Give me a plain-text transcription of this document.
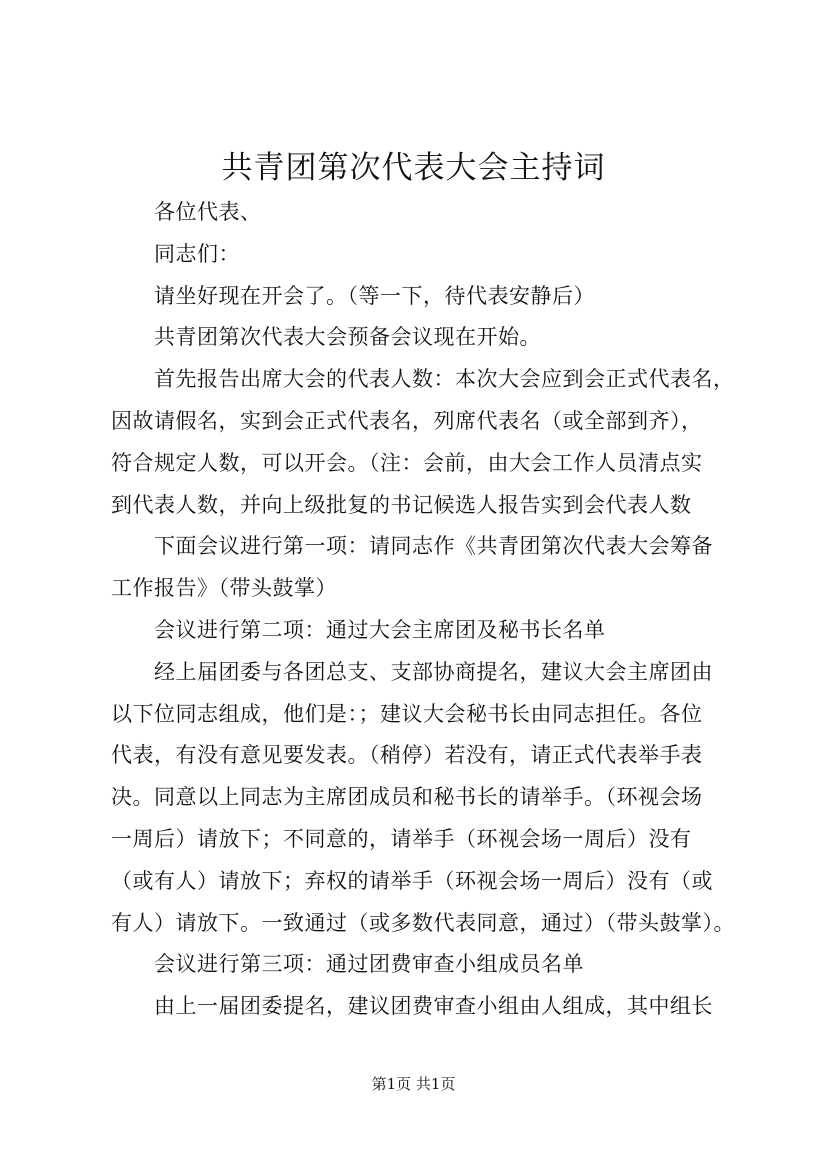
共青团第次代表大会主持词

各位代表、

同志们：

请坐好现在开会了。（等一下，待代表安静后）

共青团第次代表大会预备会议现在开始。

首先报告出席大会的代表人数：本次大会应到会正式代表名，

因故请假名，实到会正式代表名，列席代表名（或全部到齐），

符合规定人数，可以开会。（注：会前，由大会工作人员清点实

到代表人数，并向上级批复的书记候选人报告实到会代表人数

下面会议进行第一项：请同志作《共青团第次代表大会筹备

工作报告》（带头鼓掌）

会议进行第二项：通过大会主席团及秘书长名单

经上届团委与各团总支、支部协商提名，建议大会主席团由

以下位同志组成，他们是：；建议大会秘书长由同志担任。各位

代表，有没有意见要发表。（稍停）若没有，请正式代表举手表

决。同意以上同志为主席团成员和秘书长的请举手。（环视会场

一周后）请放下；不同意的，请举手（环视会场一周后）没有

（或有人）请放下；弃权的请举手（环视会场一周后）没有（或

有人）请放下。一致通过（或多数代表同意，通过）（带头鼓掌）。

会议进行第三项：通过团费审查小组成员名单

由上一届团委提名，建议团费审查小组由人组成，其中组长

第1页 共1页
